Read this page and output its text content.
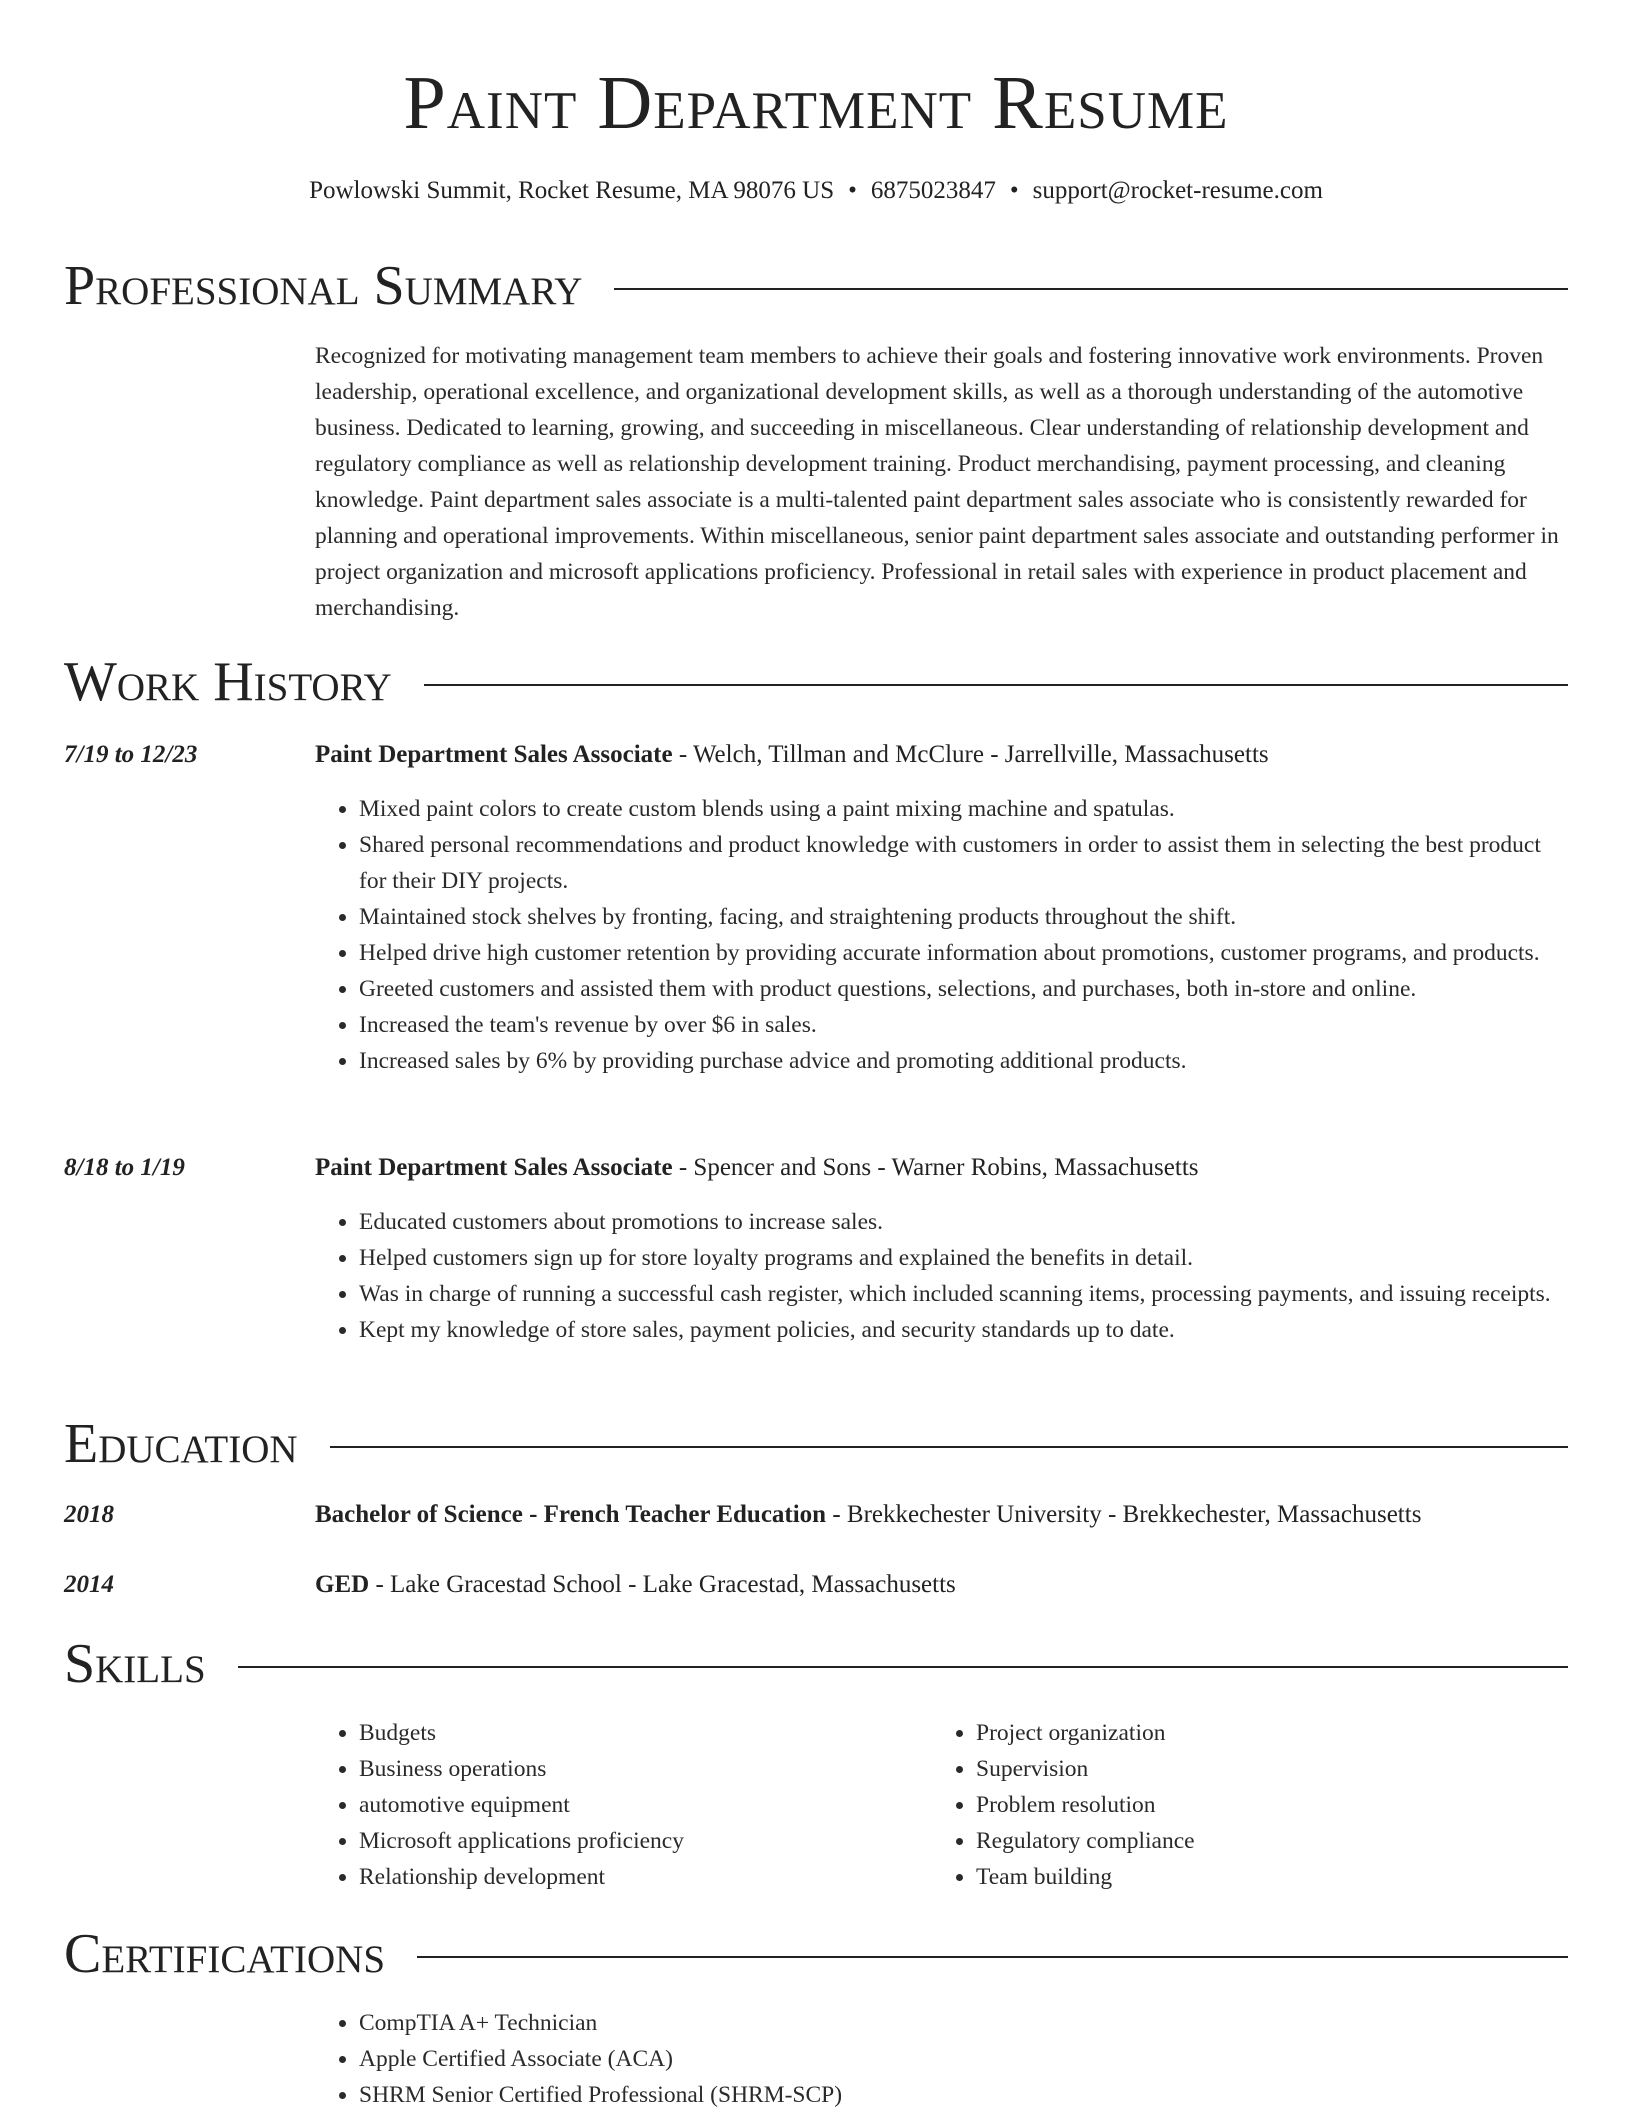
Paint Department Resume
Powlowski Summit, Rocket Resume, MA 98076 US • 6875023847 • support@rocket-resume.com
Professional Summary

Recognized for motivating management team members to achieve their goals and fostering innovative work environments. Proven leadership, operational excellence, and organizational development skills, as well as a thorough understanding of the automotive business. Dedicated to learning, growing, and succeeding in miscellaneous. Clear understanding of relationship development and regulatory compliance as well as relationship development training. Product merchandising, payment processing, and cleaning knowledge. Paint department sales associate is a multi-talented paint department sales associate who is consistently rewarded for planning and operational improvements. Within miscellaneous, senior paint department sales associate and outstanding performer in project organization and microsoft applications proficiency. Professional in retail sales with experience in product placement and merchandising.

Work History
7/19 to 12/23	Paint Department Sales Associate - Welch, Tillman and McClure - Jarrellville, Massachusetts
• Mixed paint colors to create custom blends using a paint mixing machine and spatulas.
• Shared personal recommendations and product knowledge with customers in order to assist them in selecting the best product for their DIY projects.
• Maintained stock shelves by fronting, facing, and straightening products throughout the shift.
• Helped drive high customer retention by providing accurate information about promotions, customer programs, and products.
• Greeted customers and assisted them with product questions, selections, and purchases, both in-store and online.
• Increased the team's revenue by over $6 in sales.
• Increased sales by 6% by providing purchase advice and promoting additional products.
8/18 to 1/19	Paint Department Sales Associate - Spencer and Sons - Warner Robins, Massachusetts
• Educated customers about promotions to increase sales.
• Helped customers sign up for store loyalty programs and explained the benefits in detail.
• Was in charge of running a successful cash register, which included scanning items, processing payments, and issuing receipts.
• Kept my knowledge of store sales, payment policies, and security standards up to date.
Education
2018	Bachelor of Science - French Teacher Education - Brekkechester University - Brekkechester, Massachusetts
2014	GED - Lake Gracestad School - Lake Gracestad, Massachusetts
Skills
• Budgets
• Business operations
• automotive equipment
• Microsoft applications proficiency
• Relationship development
• Project organization
• Supervision
• Problem resolution
• Regulatory compliance
• Team building
Certifications
• CompTIA A+ Technician
• Apple Certified Associate (ACA)
• SHRM Senior Certified Professional (SHRM-SCP)
